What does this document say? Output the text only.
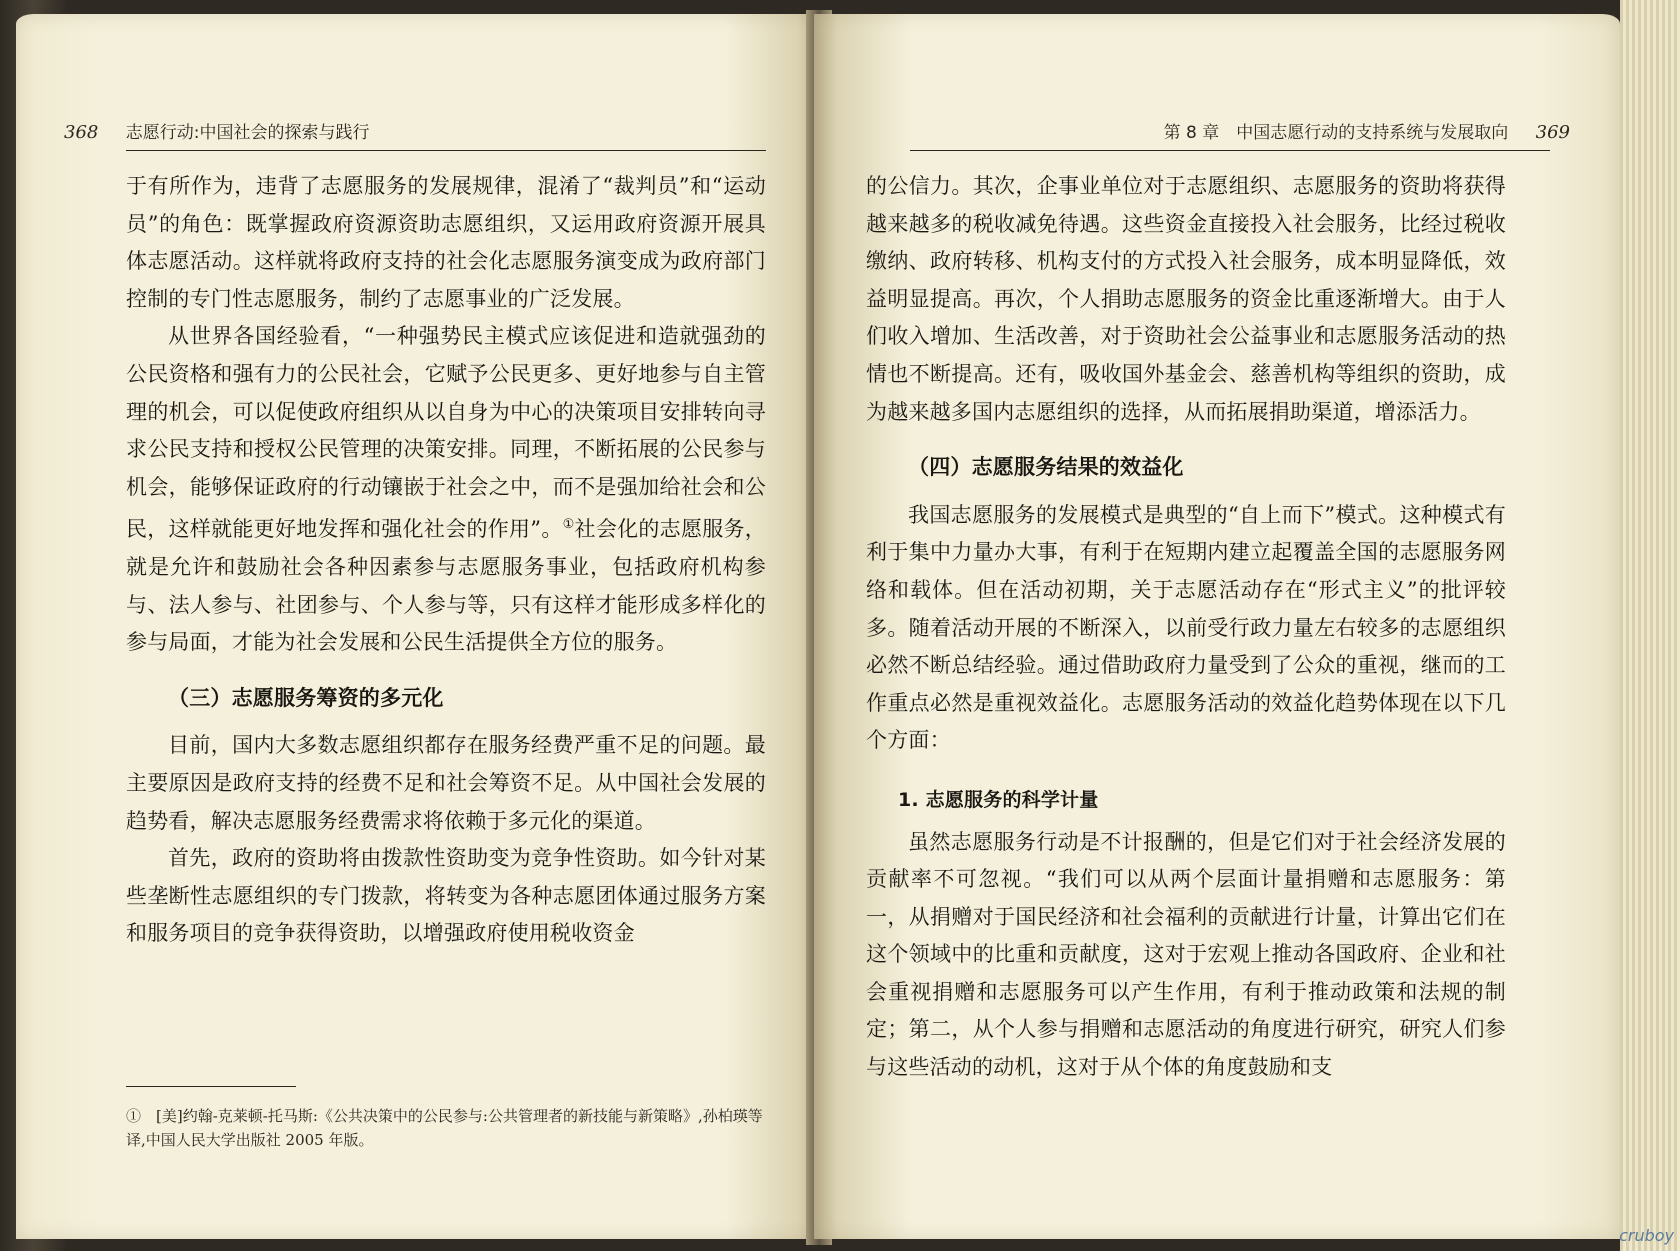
368 志愿行动:中国社会的探索与践行

于有所作为，违背了志愿服务的发展规律，混淆了“裁判员”和“运动员”的角色：既掌握政府资源资助志愿组织，又运用政府资源开展具体志愿活动。这样就将政府支持的社会化志愿服务演变成为政府部门控制的专门性志愿服务，制约了志愿事业的广泛发展。

从世界各国经验看，“一种强势民主模式应该促进和造就强劲的公民资格和强有力的公民社会，它赋予公民更多、更好地参与自主管理的机会，可以促使政府组织从以自身为中心的决策项目安排转向寻求公民支持和授权公民管理的决策安排。同理，不断拓展的公民参与机会，能够保证政府的行动镶嵌于社会之中，而不是强加给社会和公民，这样就能更好地发挥和强化社会的作用”。①社会化的志愿服务，就是允许和鼓励社会各种因素参与志愿服务事业，包括政府机构参与、法人参与、社团参与、个人参与等，只有这样才能形成多样化的参与局面，才能为社会发展和公民生活提供全方位的服务。

（三）志愿服务筹资的多元化

目前，国内大多数志愿组织都存在服务经费严重不足的问题。最主要原因是政府支持的经费不足和社会筹资不足。从中国社会发展的趋势看，解决志愿服务经费需求将依赖于多元化的渠道。

首先，政府的资助将由拨款性资助变为竞争性资助。如今针对某些垄断性志愿组织的专门拨款，将转变为各种志愿团体通过服务方案和服务项目的竞争获得资助，以增强政府使用税收资金

①　[美]约翰-克莱顿-托马斯:《公共决策中的公民参与:公共管理者的新技能与新策略》,孙柏瑛等译,中国人民大学出版社 2005 年版。
第 8 章　中国志愿行动的支持系统与发展取向 369

的公信力。其次，企事业单位对于志愿组织、志愿服务的资助将获得越来越多的税收减免待遇。这些资金直接投入社会服务，比经过税收缴纳、政府转移、机构支付的方式投入社会服务，成本明显降低，效益明显提高。再次，个人捐助志愿服务的资金比重逐渐增大。由于人们收入增加、生活改善，对于资助社会公益事业和志愿服务活动的热情也不断提高。还有，吸收国外基金会、慈善机构等组织的资助，成为越来越多国内志愿组织的选择，从而拓展捐助渠道，增添活力。

（四）志愿服务结果的效益化

我国志愿服务的发展模式是典型的“自上而下”模式。这种模式有利于集中力量办大事，有利于在短期内建立起覆盖全国的志愿服务网络和载体。但在活动初期，关于志愿活动存在“形式主义”的批评较多。随着活动开展的不断深入，以前受行政力量左右较多的志愿组织必然不断总结经验。通过借助政府力量受到了公众的重视，继而的工作重点必然是重视效益化。志愿服务活动的效益化趋势体现在以下几个方面：

1. 志愿服务的科学计量

虽然志愿服务行动是不计报酬的，但是它们对于社会经济发展的贡献率不可忽视。“我们可以从两个层面计量捐赠和志愿服务：第一，从捐赠对于国民经济和社会福利的贡献进行计量，计算出它们在这个领域中的比重和贡献度，这对于宏观上推动各国政府、企业和社会重视捐赠和志愿服务可以产生作用，有利于推动政策和法规的制定；第二，从个人参与捐赠和志愿活动的角度进行研究，研究人们参与这些活动的动机，这对于从个体的角度鼓励和支

cruboy
